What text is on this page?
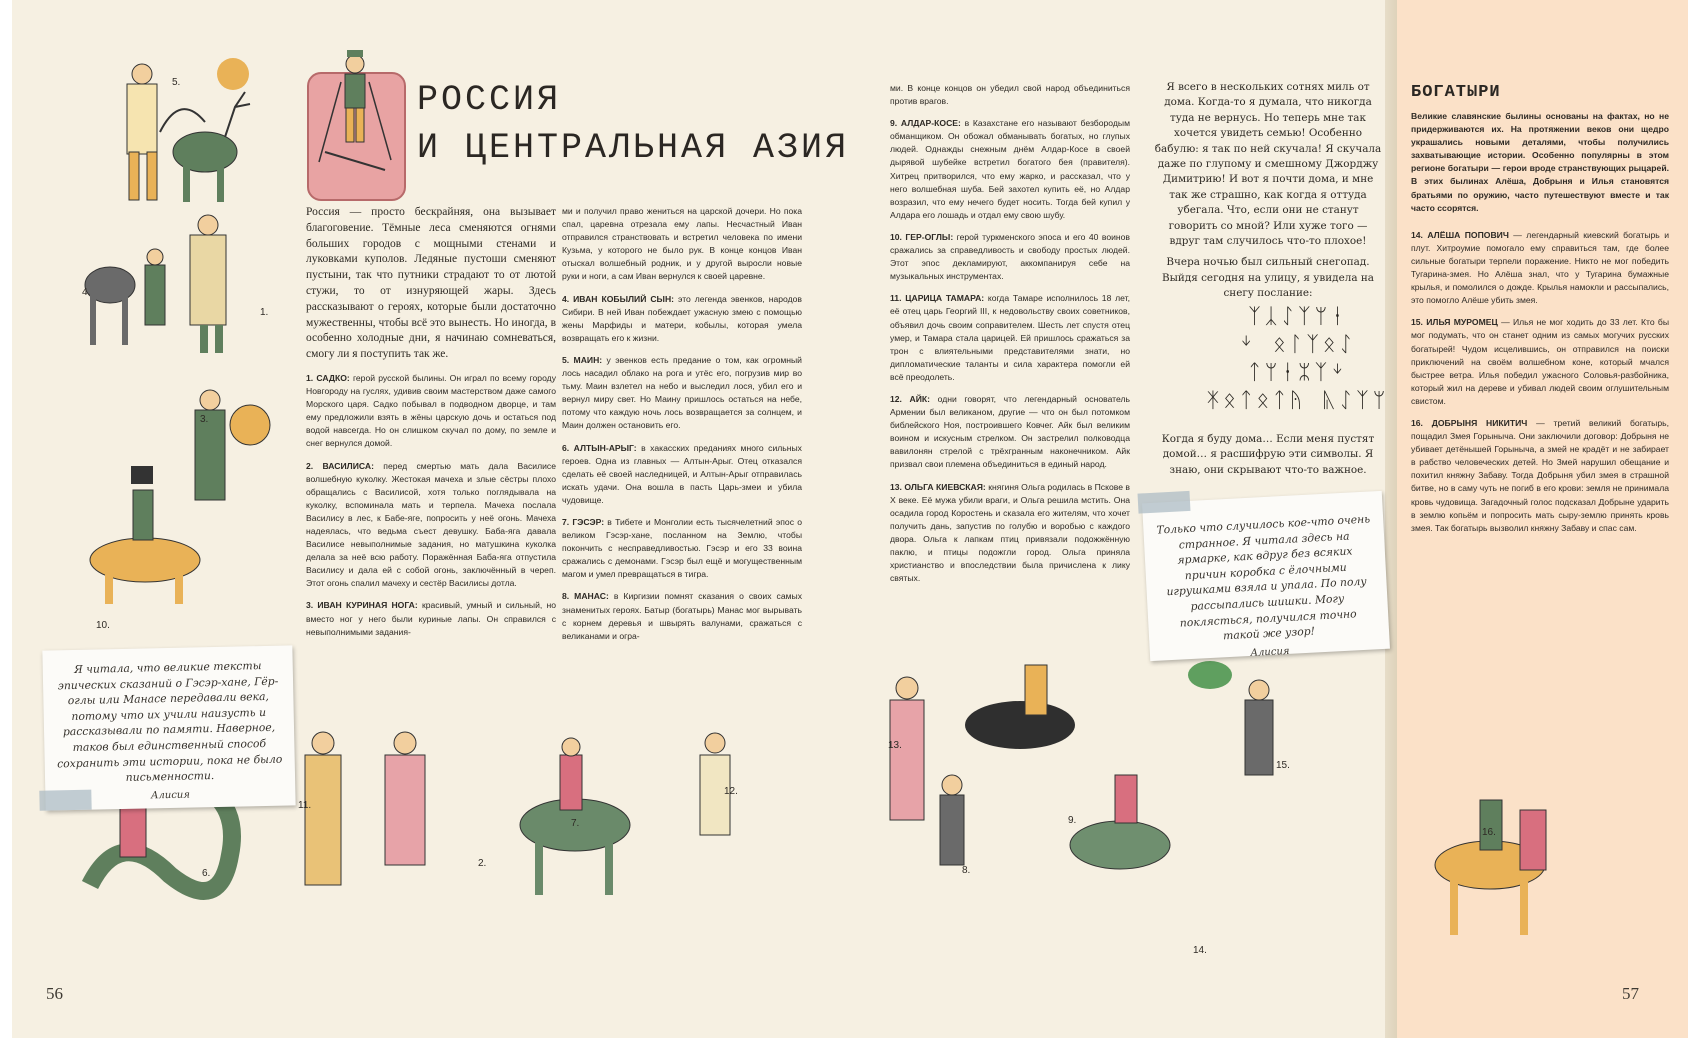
РОССИЯ
И ЦЕНТРАЛЬНАЯ АЗИЯ
5.
4.
1.
3.
10.
11.
2.
6.
7.
12.
13.
8.
9.
14.
15.
16.

Россия — просто бескрайняя, она вызывает благоговение. Тёмные леса сменяются огнями больших городов с мощными стенами и луковками куполов. Ледяные пустоши сменяют пустыни, так что путники страдают то от лютой стужи, то от изнуряющей жары. Здесь рассказывают о героях, которые были достаточно мужественны, чтобы всё это вынесть. Но иногда, в особенно холодные дни, я начинаю сомневаться, смогу ли я поступить так же.

1. САДКО: герой русской былины. Он играл по всему городу Новгороду на гуслях, удивив своим мастерством даже самого Морского царя. Садко побывал в подводном дворце, и там ему предложили взять в жёны царскую дочь и остаться под водой навсегда. Но он слишком скучал по дому, по земле и снег вернулся домой.

2. ВАСИЛИСА: перед смертью мать дала Василисе волшебную куколку. Жестокая мачеха и злые сёстры плохо обращались с Василисой, хотя только поглядывала на куколку, вспоминала мать и терпела. Мачеха послала Василису в лес, к Бабе-яге, попросить у неё огонь. Мачеха надеялась, что ведьма съест девушку. Баба-яга давала Василисе невыполнимые задания, но матушкина куколка делала за неё всю работу. Поражённая Баба-яга отпустила Василису и дала ей с собой огонь, заключённый в череп. Этот огонь спалил мачеху и сестёр Василисы дотла.

3. ИВАН КУРИНАЯ НОГА: красивый, умный и сильный, но вместо ног у него были куриные лапы. Он справился с невыполнимыми задания-

ми и получил право жениться на царской дочери. Но пока спал, царевна отрезала ему лапы. Несчастный Иван отправился странствовать и встретил человека по имени Кузьма, у которого не было рук. В конце концов Иван отыскал волшебный родник, и у другой выросли новые руки и ноги, а сам Иван вернулся к своей царевне.

4. ИВАН КОБЫЛИЙ СЫН: это легенда эвенков, народов Сибири. В ней Иван побеждает ужасную змею с помощью жены Марфиды и матери, кобылы, которая умела возвращать его к жизни.

5. МАИН: у эвенков есть предание о том, как огромный лось насадил облако на рога и утёс его, погрузив мир во тьму. Маин взлетел на небо и выследил лося, убил его и вернул миру свет. Но Маину пришлось остаться на небе, потому что каждую ночь лось возвращается за солнцем, и Маин должен остановить его.

6. АЛТЫН-АРЫГ: в хакасских преданиях много сильных героев. Одна из главных — Алтын-Арыг. Отец отказался сделать её своей наследницей, и Алтын-Арыг отправилась искать удачи. Она вошла в пасть Царь-змеи и убила чудовище.

7. ГЭСЭР: в Тибете и Монголии есть тысячелетний эпос о великом Гэсэр-хане, посланном на Землю, чтобы покончить с несправедливостью. Гэсэр и его 33 воина сражались с демонами. Гэсэр был ещё и могущественным магом и умел превращаться в тигра.

8. МАНАС: в Киргизии помнят сказания о своих самых знаменитых героях. Батыр (богатырь) Манас мог вырывать с корнем деревья и швырять валунами, сражаться с великанами и огра-

ми. В конце концов он убедил свой народ объединиться против врагов.

9. АЛДАР-КОСЕ: в Казахстане его называют безбородым обманщиком. Он обожал обманывать богатых, но глупых людей. Однажды снежным днём Алдар-Косе в своей дырявой шубейке встретил богатого бея (правителя). Хитрец притворился, что ему жарко, и рассказал, что у него волшебная шуба. Бей захотел купить её, но Алдар возразил, что ему нечего будет носить. Тогда бей купил у Алдара его лошадь и отдал ему свою шубу.

10. ГЕР-ОГЛЫ: герой туркменского эпоса и его 40 воинов сражались за справедливость и свободу простых людей. Этот эпос декламируют, аккомпанируя себе на музыкальных инструментах.

11. ЦАРИЦА ТАМАРА: когда Тамаре исполнилось 18 лет, её отец царь Георгий III, к недовольству своих советников, объявил дочь своим соправителем. Шесть лет спустя отец умер, и Тамара стала царицей. Ей пришлось сражаться за трон с влиятельными представителями знати, но дипломатические таланты и сила характера помогли ей всё преодолеть.

12. АЙК: одни говорят, что легендарный основатель Армении был великаном, другие — что он был потомком библейского Ноя, построившего Ковчег. Айк был великим воином и искусным стрелком. Он застрелил полководца вавилонян стрелой с трёхгранным наконечником. Айк призвал свои племена объединиться в единый народ.

13. ОЛЬГА КИЕВСКАЯ: княгиня Ольга родилась в Пскове в X веке. Её мужа убили враги, и Ольга решила мстить. Она осадила город Коростень и сказала его жителям, что хочет получить дань, запустив по голубю и воробью с каждого двора. Ольга к лапкам птиц привязали подожжённую паклю, и птицы подожгли город. Ольга приняла христианство и впоследствии была причислена к лику святых.

Я всего в нескольких сотнях миль от дома. Когда-то я думала, что никогда туда не вернусь. Но теперь мне так хочется увидеть семью! Особенно бабулю: я так по ней скучала! Я скучала даже по глупому и смешному Джорджу Димитрию! И вот я почти дома, и мне так же страшно, как когда я оттуда убегала. Что, если они не станут говорить со мной? Или хуже того — вдруг там случилось что-то плохое!
Вчера ночью был сильный снегопад. Выйдя сегодня на улицу, я увидела на снегу послание:
ᛉᛣᛇᛉᛘᚽ
ᛎ ᛟᛚᛉᛟᛇ
ᛏᛘᚽᛯᛉᛎ
ᛡᛟᛏᛟᛏᚤ ᚣᛇᛉᛘ
Когда я буду дома… Если меня пустят домой… я расшифрую эти символы. Я знаю, они скрывают что-то важное.
Я читала, что великие тексты эпических сказаний о Гэсэр-хане, Гёр-оглы или Манасе передавали века, потому что их учили наизусть и рассказывали по памяти. Наверное, таков был единственный способ сохранить эти истории, пока не было письменности.
Алисия
Только что случилось кое-что очень странное. Я читала здесь на ярмарке, как вдруг без всяких причин коробка с ёлочными игрушками взяла и упала. По полу рассыпались шишки. Могу поклясться, получился точно такой же узор!
Алисия
БОГАТЫРИ

Великие славянские былины основаны на фактах, но не придерживаются их. На протяжении веков они щедро украшались новыми деталями, чтобы получились захватывающие истории. Особенно популярны в этом регионе богатыри — герои вроде странствующих рыцарей. В этих былинах Алёша, Добрыня и Илья становятся братьями по оружию, часто путешествуют вместе и так часто ссорятся.

14. АЛЁША ПОПОВИЧ — легендарный киевский богатырь и плут. Хитроумие помогало ему справиться там, где более сильные богатыри терпели поражение. Никто не мог победить Тугарина-змея. Но Алёша знал, что у Тугарина бумажные крылья, и помолился о дожде. Крылья намокли и рассыпались, это помогло Алёше убить змея.

15. ИЛЬЯ МУРОМЕЦ — Илья не мог ходить до 33 лет. Кто бы мог подумать, что он станет одним из самых могучих русских богатырей! Чудом исцелившись, он отправился на поиски приключений на своём волшебном коне, который мчался быстрее ветра. Илья победил ужасного Соловья-разбойника, который жил на дереве и убивал людей своим оглушительным свистом.

16. ДОБРЫНЯ НИКИТИЧ — третий великий богатырь, пощадил Змея Горыныча. Они заключили договор: Добрыня не убивает детёнышей Горыныча, а змей не крадёт и не забирает в рабство человеческих детей. Но Змей нарушил обещание и похитил княжну Забаву. Тогда Добрыня убил змея в страшной битве, но в саму чуть не погиб в его крови: земля не принимала кровь чудовища. Загадочный голос подсказал Добрыне ударить в землю копьём и попросить мать сыру-землю принять кровь змея. Так богатырь вызволил княжну Забаву и спас сам.

56	57
